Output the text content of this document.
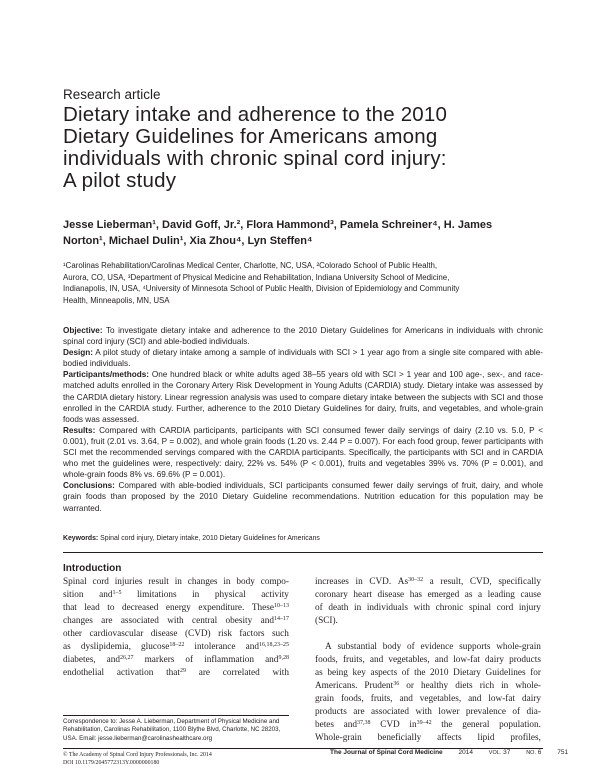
Research article
Dietary intake and adherence to the 2010
Dietary Guidelines for Americans among
individuals with chronic spinal cord injury:
A pilot study
Jesse Lieberman¹, David Goff, Jr.², Flora Hammond³, Pamela Schreiner⁴, H. James
Norton¹, Michael Dulin¹, Xia Zhou⁴, Lyn Steffen⁴
¹Carolinas Rehabilitation/Carolinas Medical Center, Charlotte, NC, USA, ²Colorado School of Public Health,
Aurora, CO, USA, ³Department of Physical Medicine and Rehabilitation, Indiana University School of Medicine,
Indianapolis, IN, USA, ⁴University of Minnesota School of Public Health, Division of Epidemiology and Community
Health, Minneapolis, MN, USA

Objective: To investigate dietary intake and adherence to the 2010 Dietary Guidelines for Americans in individuals with chronic spinal cord injury (SCI) and able-bodied individuals.

Design: A pilot study of dietary intake among a sample of individuals with SCI > 1 year ago from a single site compared with able-bodied individuals.

Participants/methods: One hundred black or white adults aged 38–55 years old with SCI > 1 year and 100 age-, sex-, and race-matched adults enrolled in the Coronary Artery Risk Development in Young Adults (CARDIA) study. Dietary intake was assessed by the CARDIA dietary history. Linear regression analysis was used to compare dietary intake between the subjects with SCI and those enrolled in the CARDIA study. Further, adherence to the 2010 Dietary Guidelines for dairy, fruits, and vegetables, and whole-grain foods was assessed.

Results: Compared with CARDIA participants, participants with SCI consumed fewer daily servings of dairy (2.10 vs. 5.0, P < 0.001), fruit (2.01 vs. 3.64, P = 0.002), and whole grain foods (1.20 vs. 2.44 P = 0.007). For each food group, fewer participants with SCI met the recommended servings compared with the CARDIA participants. Specifically, the participants with SCI and in CARDIA who met the guidelines were, respectively: dairy, 22% vs. 54% (P < 0.001), fruits and vegetables 39% vs. 70% (P = 0.001), and whole-grain foods 8% vs. 69.6% (P = 0.001).

Conclusions: Compared with able-bodied individuals, SCI participants consumed fewer daily servings of fruit, dairy, and whole grain foods than proposed by the 2010 Dietary Guideline recommendations. Nutrition education for this population may be warranted.

Keywords: Spinal cord injury, Dietary intake, 2010 Dietary Guidelines for Americans
Introduction
Spinal cord injuries result in changes in body compo-
sition and$^{1-5}$ limitations in physical activity
that lead to decreased energy expenditure. These$^{10-13}$
changes are associated with central obesity and$^{14-17}$
other cardiovascular disease (CVD) risk factors such
as dyslipidemia, glucose$^{18-22}$ intolerance and$^{16,18,23-25}$
diabetes, and$^{26,27}$ markers of inflammation and$^{9,28}$
endothelial activation that$^{29}$ are correlated with
Correspondence to: Jesse A. Lieberman, Department of Physical Medicine and Rehabilitation, Carolinas Rehabilitation, 1100 Blythe Blvd, Charlotte, NC 28203, USA. Email: jesse.lieberman@carolinashealthcare.org
increases in CVD. As$^{30-32}$ a result, CVD, specifically
coronary heart disease has emerged as a leading cause
of death in individuals with chronic spinal cord injury
(SCI).
A substantial body of evidence supports whole-grain
foods, fruits, and vegetables, and low-fat dairy products
as being key aspects of the 2010 Dietary Guidelines for
Americans. Prudent$^{36}$ or healthy diets rich in whole-
grain foods, fruits, and vegetables, and low-fat dairy
products are associated with lower prevalence of dia-
betes and$^{37,38}$ CVD $in^{39-42}$ the general population.
Whole-grain beneficially affects lipid profiles,
© The Academy of Spinal Cord Injury Professionals, Inc. 2014
DOI 10.1179/2045772313Y.0000000180
The Journal of Spinal Cord Medicine 2014	VOL. 37	NO. 6 751
